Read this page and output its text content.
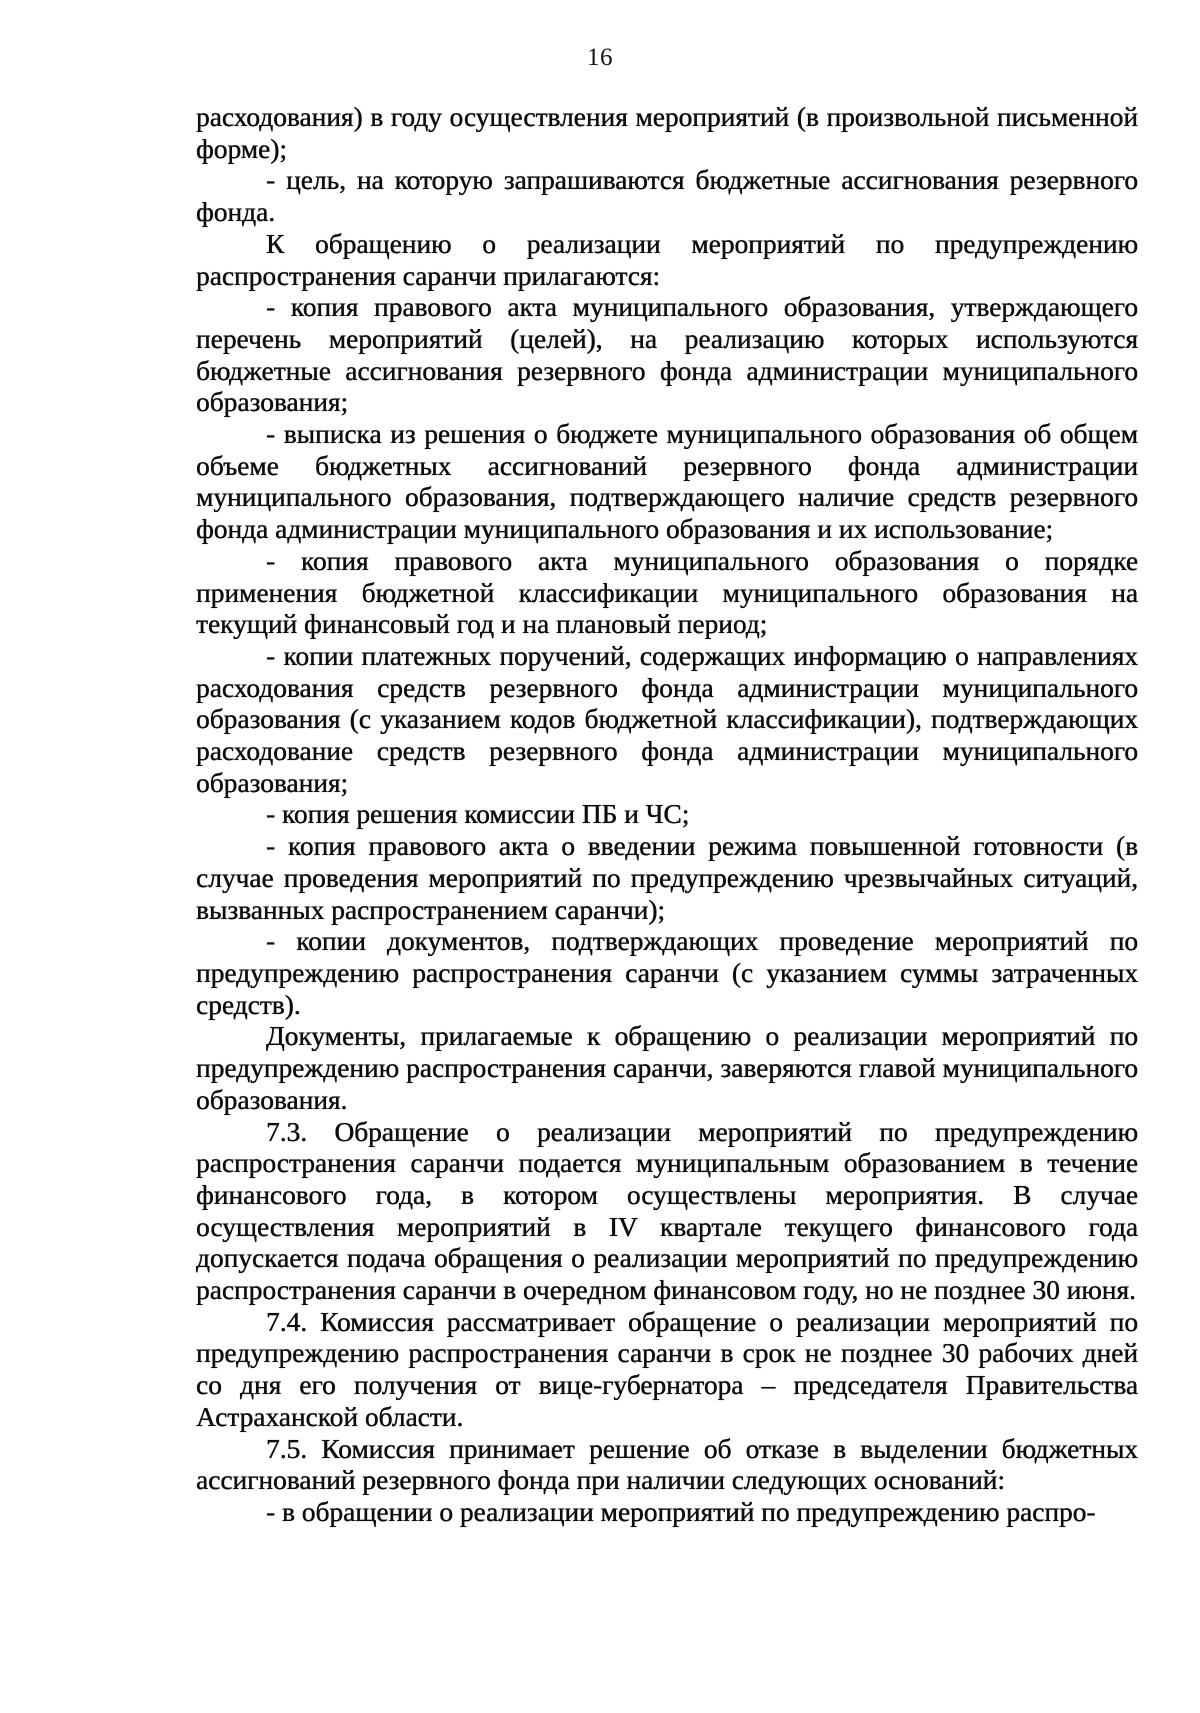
16

расходования) в году осуществления мероприятий (в произвольной письменной форме);

- цель, на которую запрашиваются бюджетные ассигнования резервного фонда.

К обращению о реализации мероприятий по предупреждению распространения саранчи прилагаются:

- копия правового акта муниципального образования, утверждающего перечень мероприятий (целей), на реализацию которых используются бюджетные ассигнования резервного фонда администрации муниципального образования;

- выписка из решения о бюджете муниципального образования об общем объеме бюджетных ассигнований резервного фонда администрации муниципального образования, подтверждающего наличие средств резервного фонда администрации муниципального образования и их использование;

- копия правового акта муниципального образования о порядке применения бюджетной классификации муниципального образования на текущий финансовый год и на плановый период;

- копии платежных поручений, содержащих информацию о направлениях расходования средств резервного фонда администрации муниципального образования (с указанием кодов бюджетной классификации), подтверждающих расходование средств резервного фонда администрации муниципального образования;

- копия решения комиссии ПБ и ЧС;

- копия правового акта о введении режима повышенной готовности (в случае проведения мероприятий по предупреждению чрезвычайных ситуаций, вызванных распространением саранчи);

- копии документов, подтверждающих проведение мероприятий по предупреждению распространения саранчи (с указанием суммы затраченных средств).

Документы, прилагаемые к обращению о реализации мероприятий по предупреждению распространения саранчи, заверяются главой муниципального образования.

7.3. Обращение о реализации мероприятий по предупреждению распространения саранчи подается муниципальным образованием в течение финансового года, в котором осуществлены мероприятия. В случае осуществления мероприятий в IV квартале текущего финансового года допускается подача обращения о реализации мероприятий по предупреждению распространения саранчи в очередном финансовом году, но не позднее 30 июня.

7.4. Комиссия рассматривает обращение о реализации мероприятий по предупреждению распространения саранчи в срок не позднее 30 рабочих дней со дня его получения от вице-губернатора – председателя Правительства Астраханской области.

7.5. Комиссия принимает решение об отказе в выделении бюджетных ассигнований резервного фонда при наличии следующих оснований:

- в обращении о реализации мероприятий по предупреждению распро-
